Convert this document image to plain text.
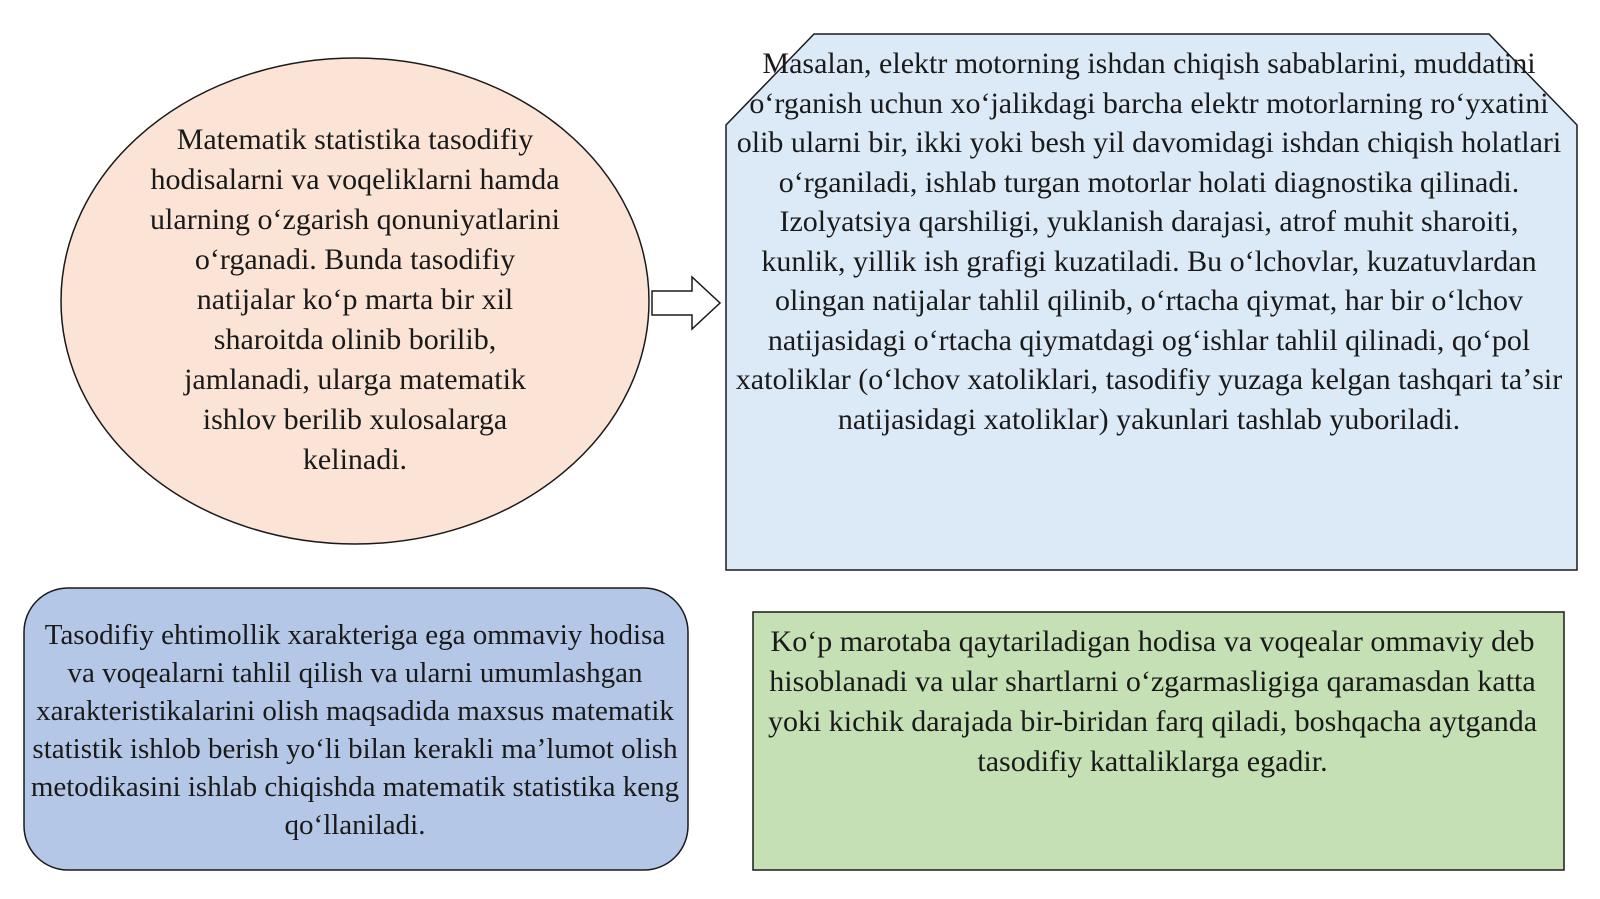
Matematik statistika tasodifiy hodisalarni va voqeliklarni hamda ularning oʻzgarish qonuniyatlarini oʻrganadi. Bunda tasodifiy natijalar koʻp marta bir xil sharoitda olinib borilib, jamlanadi, ularga matematik ishlov berilib xulosalarga kelinadi.
Masalan, elektr motorning ishdan chiqish sabablarini, muddatini oʻrganish uchun xoʻjalikdagi barcha elektr motorlarning roʻyxatini olib ularni bir, ikki yoki besh yil davomidagi ishdan chiqish holatlari oʻrganiladi, ishlab turgan motorlar holati diagnostika qilinadi. Izolyatsiya qarshiligi, yuklanish darajasi, atrof muhit sharoiti, kunlik, yillik ish grafigi kuzatiladi. Bu oʻlchovlar, kuzatuvlardan olingan natijalar tahlil qilinib, oʻrtacha qiymat, har bir oʻlchov natijasidagi oʻrtacha qiymatdagi ogʻishlar tahlil qilinadi, qoʻpol xatoliklar (oʻlchov xatoliklari, tasodifiy yuzaga kelgan tashqari taʼsir natijasidagi xatoliklar) yakunlari tashlab yuboriladi.
Tasodifiy ehtimollik xarakteriga ega ommaviy hodisa va voqealarni tahlil qilish va ularni umumlashgan xarakteristikalarini olish maqsadida maxsus matematik statistik ishlob berish yoʻli bilan kerakli maʼlumot olish metodikasini ishlab chiqishda matematik statistika keng qoʻllaniladi.
Koʻp marotaba qaytariladigan hodisa va voqealar ommaviy deb hisoblanadi va ular shartlarni oʻzgarmasligiga qaramasdan katta yoki kichik darajada bir-biridan farq qiladi, boshqacha aytganda tasodifiy kattaliklarga egadir.
